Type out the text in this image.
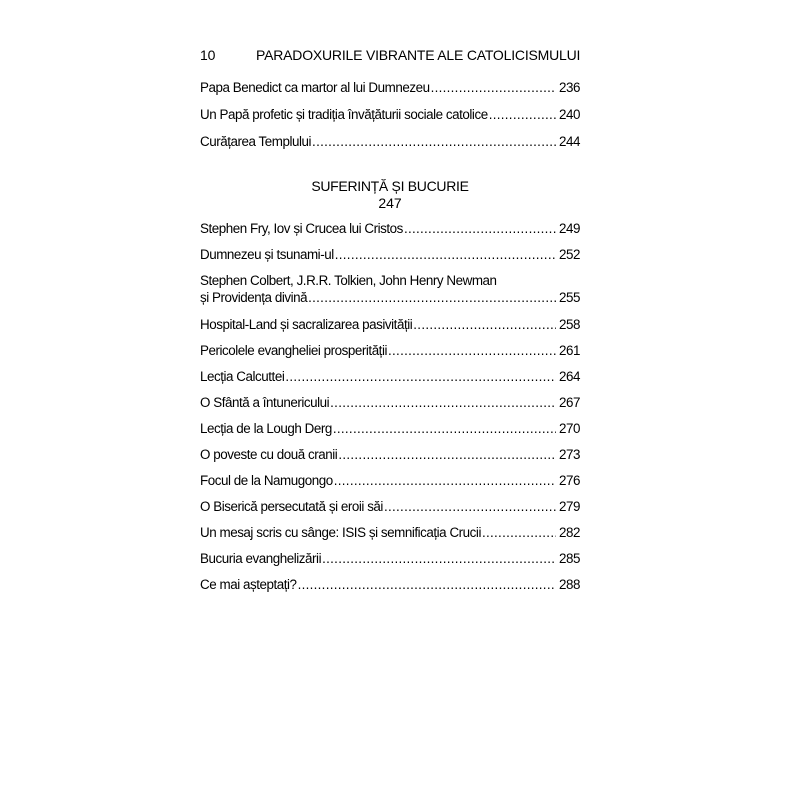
10	PARADOXURILE VIBRANTE ALE CATOLICISMULUI
Papa Benedict ca martor al lui Dumnezeu .....	236
Un Papă profetic și tradiția învățăturii sociale catolice .....	240
Curățarea Templului .....	244
SUFERINȚĂ ȘI BUCURIE
247
Stephen Fry, Iov și Crucea lui Cristos .....	249
Dumnezeu și tsunami-ul .....	252
Stephen Colbert, J.R.R. Tolkien, John Henry Newman
și Providența divină .....	255
Hospital-Land și sacralizarea pasivității .....	258
Pericolele evangheliei prosperității .....	261
Lecția Calcuttei .....	264
O Sfântă a întunericului .....	267
Lecția de la Lough Derg .....	270
O poveste cu două cranii .....	273
Focul de la Namugongo .....	276
O Biserică persecutată și eroii săi .....	279
Un mesaj scris cu sânge: ISIS și semnificația Crucii .....	282
Bucuria evanghelizării .....	285
Ce mai așteptați? .....	288
